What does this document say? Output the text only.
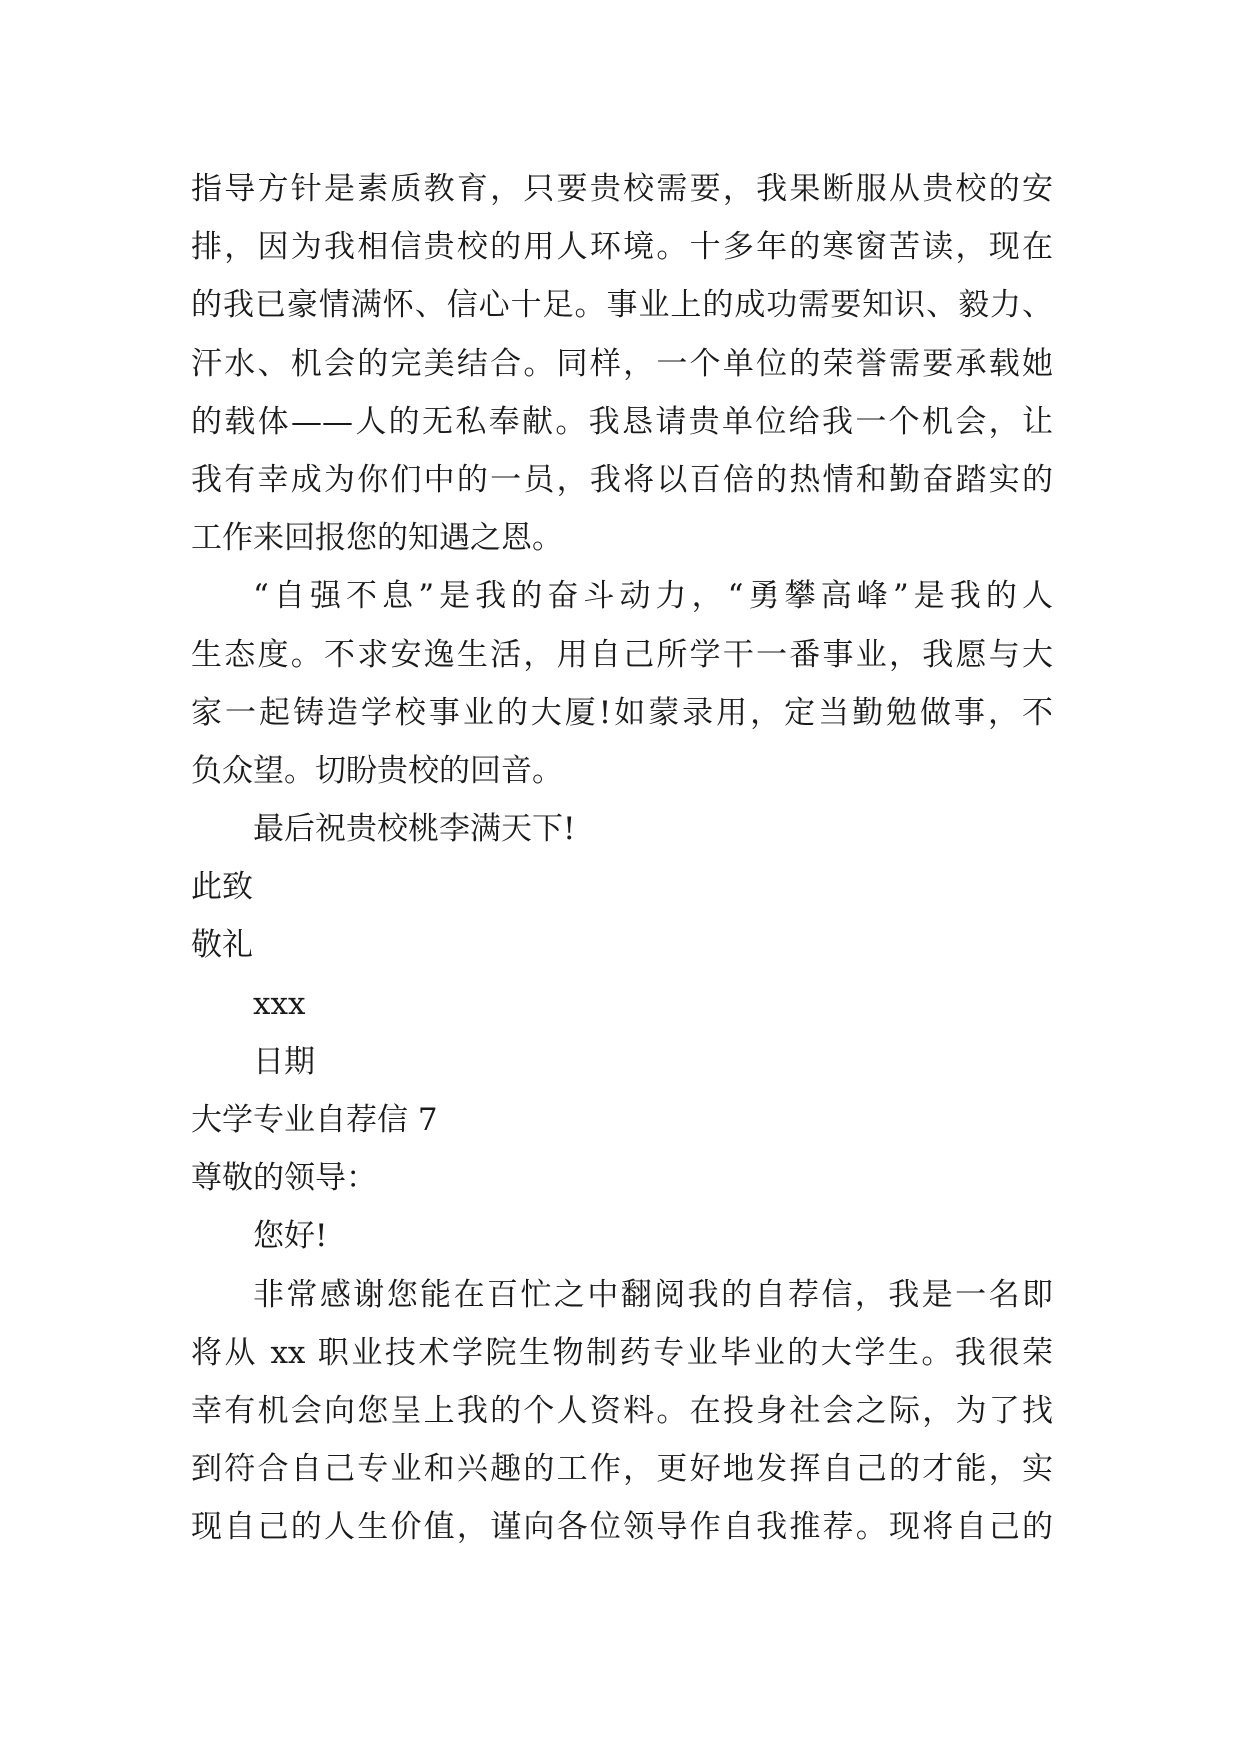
指导方针是素质教育，只要贵校需要，我果断服从贵校的安
排，因为我相信贵校的用人环境。十多年的寒窗苦读，现在
的我已豪情满怀、信心十足。事业上的成功需要知识、毅力、
汗水、机会的完美结合。同样，一个单位的荣誉需要承载她
的载体——人的无私奉献。我恳请贵单位给我一个机会，让
我有幸成为你们中的一员，我将以百倍的热情和勤奋踏实的
工作来回报您的知遇之恩。
“自强不息”是我的奋斗动力，“勇攀高峰”是我的人
生态度。不求安逸生活，用自己所学干一番事业，我愿与大
家一起铸造学校事业的大厦!如蒙录用，定当勤勉做事，不
负众望。切盼贵校的回音。
最后祝贵校桃李满天下!
此致
敬礼
xxx
日期
大学专业自荐信 7
尊敬的领导：
您好!
非常感谢您能在百忙之中翻阅我的自荐信，我是一名即
将从 xx 职业技术学院生物制药专业毕业的大学生。我很荣
幸有机会向您呈上我的个人资料。在投身社会之际，为了找
到符合自己专业和兴趣的工作，更好地发挥自己的才能，实
现自己的人生价值，谨向各位领导作自我推荐。现将自己的
